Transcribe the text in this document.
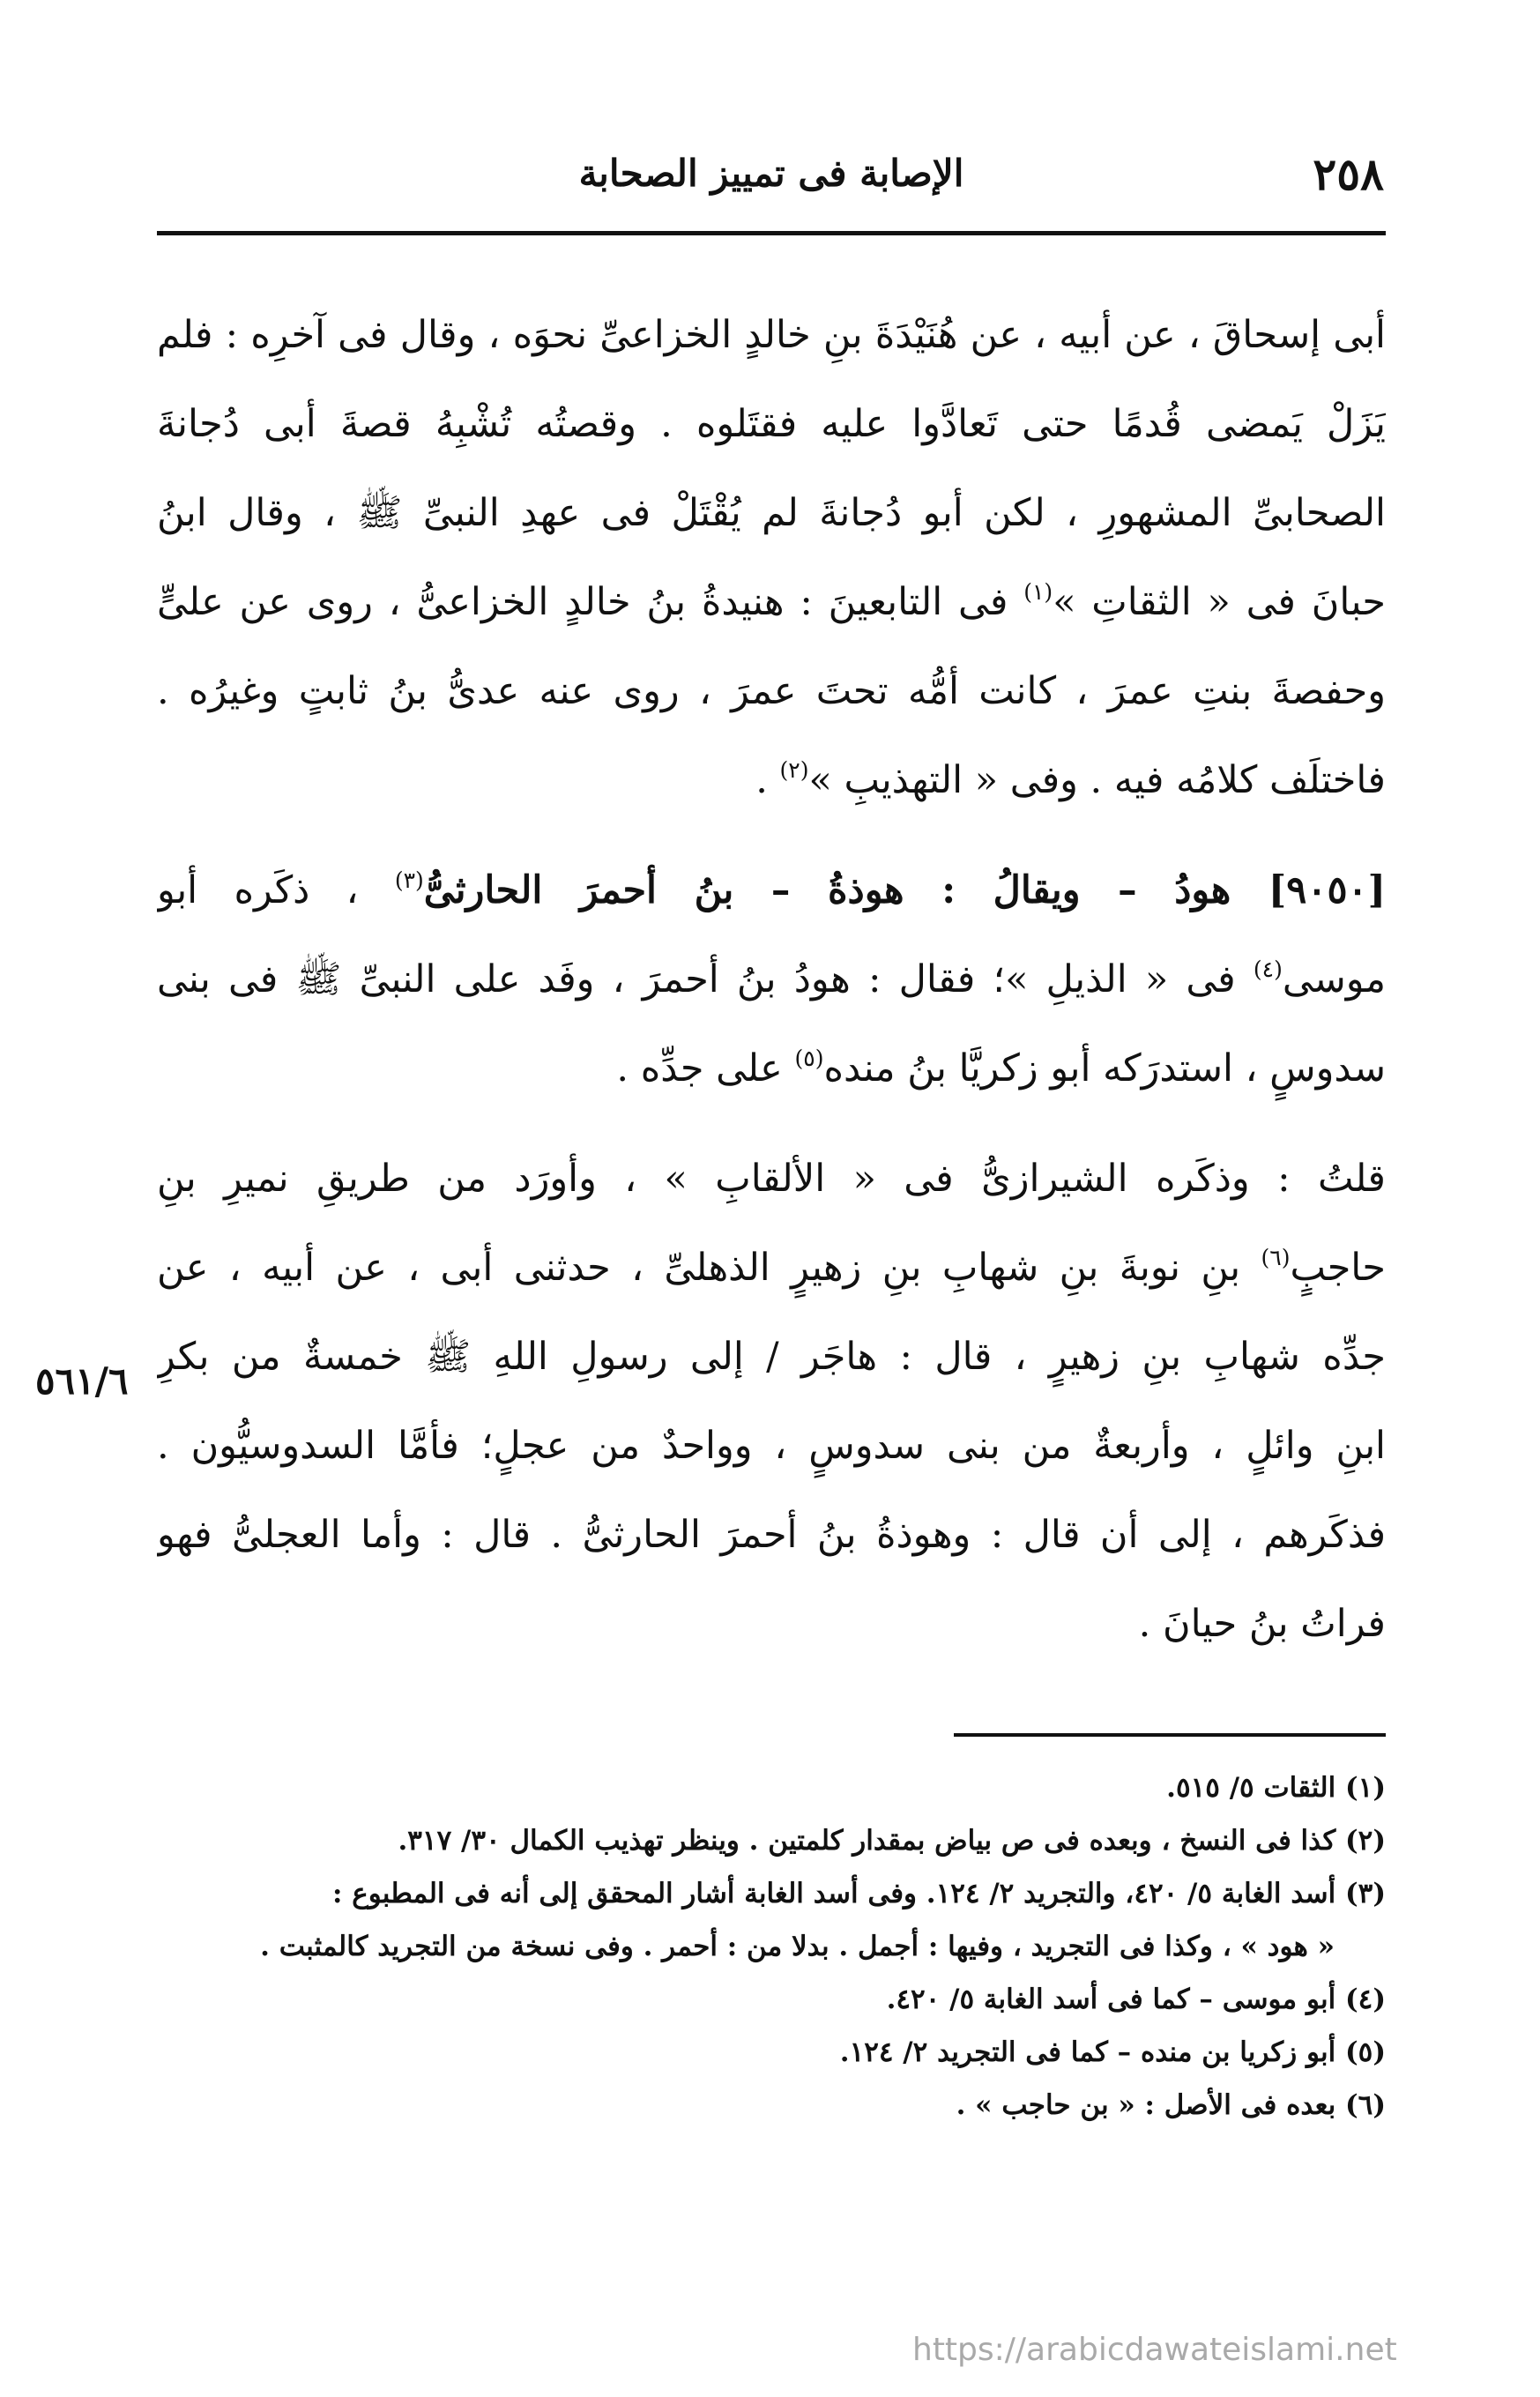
٢٥٨
الإصابة فى تمييز الصحابة
أبى إسحاقَ ، عن أبيه ، عن هُنَيْدَةَ بنِ خالدٍ الخزاعىِّ نحوَه ، وقال فى آخرِه : فلم
يَزَلْ يَمضى قُدمًا حتى تَعادَّوا عليه فقتَلوه . وقصتُه تُشْبِهُ قصةَ أبى دُجانةَ
الصحابىِّ المشهورِ ، لكن أبو دُجانةَ لم يُقْتَلْ فى عهدِ النبىِّ ﷺ ، وقال ابنُ
حبانَ فى « الثقاتِ »$^{(١)}$ فى التابعينَ : هنيدةُ بنُ خالدٍ الخزاعىُّ ، روى عن علىٍّ
وحفصةَ بنتِ عمرَ ، كانت أمُّه تحتَ عمرَ ، روى عنه عدىُّ بنُ ثابتٍ وغيرُه .
فاختلَف كلامُه فيه . وفى « التهذيبِ »$^{(٢)}$ .
[٩٠٥٠] هودُ – ويقالُ : هوذةُ – بنُ أحمرَ الحارثىُّ$^{(٣)}$ ، ذكَره أبو
موسى$^{(٤)}$ فى « الذيلِ »؛ فقال : هودُ بنُ أحمرَ ، وفَد على النبىِّ ﷺ فى بنى
سدوسٍ ، استدرَكه أبو زكريَّا بنُ منده$^{(٥)}$ على جدِّه .
قلتُ : وذكَره الشيرازىُّ فى « الألقابِ » ، وأورَد من طريقِ نميرِ بنِ
حاجبٍ$^{(٦)}$ بنِ نوبةَ بنِ شهابِ بنِ زهيرٍ الذهلىِّ ، حدثنى أبى ، عن أبيه ، عن
جدِّه شهابِ بنِ زهيرٍ ، قال : هاجَر / إلى رسولِ اللهِ ﷺ خمسةٌ من بكرِ
ابنِ وائلٍ ، وأربعةٌ من بنى سدوسٍ ، وواحدٌ من عجلٍ؛ فأمَّا السدوسيُّون .
فذكَرهم ، إلى أن قال : وهوذةُ بنُ أحمرَ الحارثىُّ . قال : وأما العجلىُّ فهو
فراتُ بنُ حيانَ .
٥٦١/٦
(١) الثقات ٥/ ٥١٥.
(٢) كذا فى النسخ ، وبعده فى ص بياض بمقدار كلمتين . وينظر تهذيب الكمال ٣٠/ ٣١٧.
(٣) أسد الغابة ٥/ ٤٢٠، والتجريد ٢/ ١٢٤. وفى أسد الغابة أشار المحقق إلى أنه فى المطبوع :
« هود » ، وكذا فى التجريد ، وفيها : أجمل . بدلا من : أحمر . وفى نسخة من التجريد كالمثبت .
(٤) أبو موسى – كما فى أسد الغابة ٥/ ٤٢٠.
(٥) أبو زكريا بن منده – كما فى التجريد ٢/ ١٢٤.
(٦) بعده فى الأصل : « بن حاجب » .
https://arabicdawateislami.net
